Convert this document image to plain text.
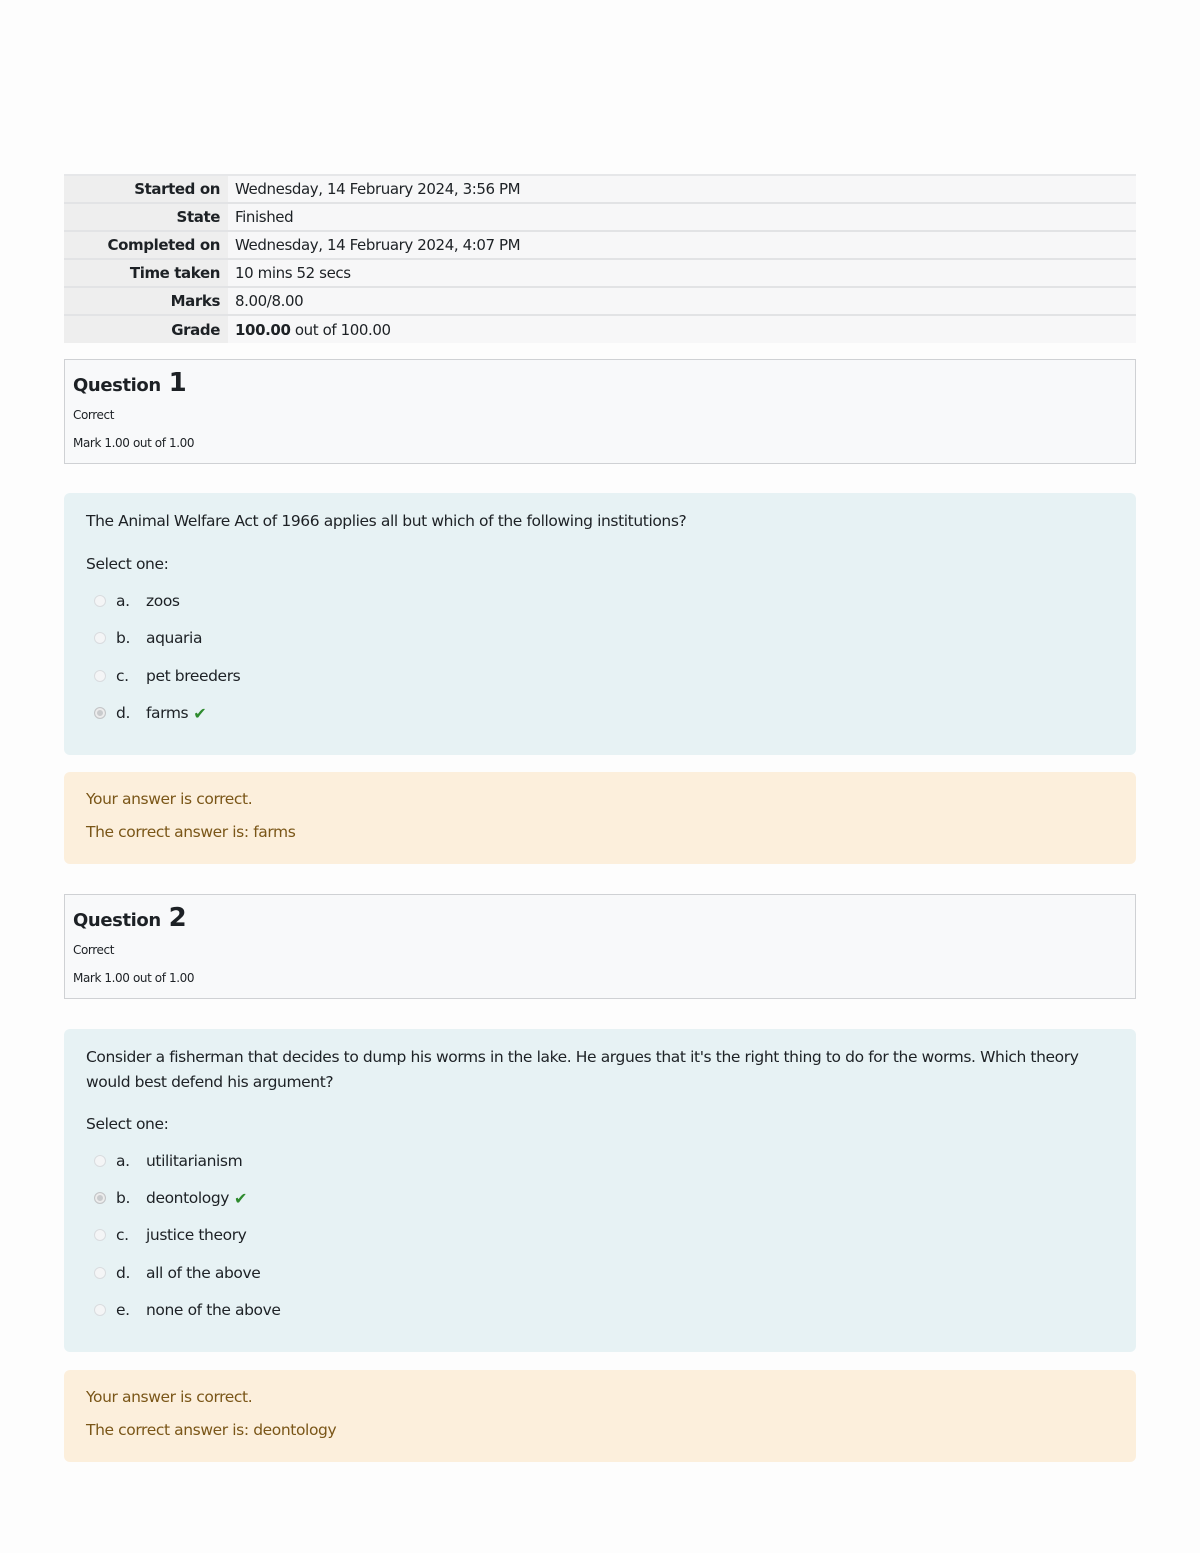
Started on	Wednesday, 14 February 2024, 3:56 PM
State	Finished
Completed on	Wednesday, 14 February 2024, 4:07 PM
Time taken	10 mins 52 secs
Marks	8.00/8.00
Grade	100.00 out of 100.00
Question 1
Correct
Mark 1.00 out of 1.00
The Animal Welfare Act of 1966 applies all but which of the following institutions?
Select one:
a.	zoos
b.	aquaria
c.	pet breeders
d.	farms ✔
Your answer is correct.
The correct answer is: farms
Question 2
Correct
Mark 1.00 out of 1.00
Consider a fisherman that decides to dump his worms in the lake. He argues that it's the right thing to do for the worms. Which theory would best defend his argument?
Select one:
a.	utilitarianism
b.	deontology ✔
c.	justice theory
d.	all of the above
e.	none of the above
Your answer is correct.
The correct answer is: deontology
